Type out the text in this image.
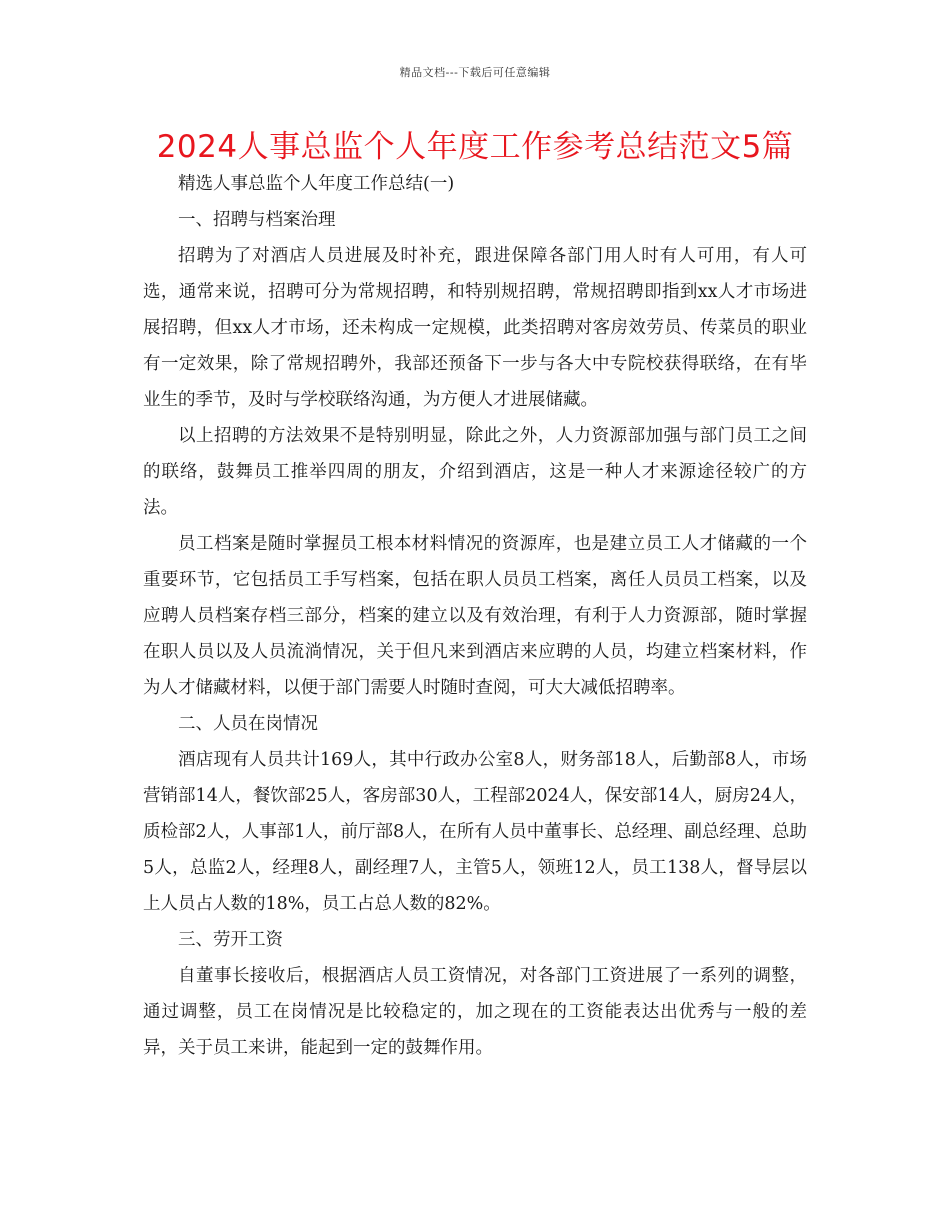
精品文档---下载后可任意编辑
2024人事总监个人年度工作参考总结范文5篇

精选人事总监个人年度工作总结(一)

一、招聘与档案治理

招聘为了对酒店人员进展及时补充，跟进保障各部门用人时有人可用，有人可选，通常来说，招聘可分为常规招聘，和特别规招聘，常规招聘即指到xx人才市场进展招聘，但xx人才市场，还未构成一定规模，此类招聘对客房效劳员、传菜员的职业有一定效果，除了常规招聘外，我部还预备下一步与各大中专院校获得联络，在有毕业生的季节，及时与学校联络沟通，为方便人才进展储藏。

以上招聘的方法效果不是特别明显，除此之外，人力资源部加强与部门员工之间的联络，鼓舞员工推举四周的朋友，介绍到酒店，这是一种人才来源途径较广的方法。

员工档案是随时掌握员工根本材料情况的资源库，也是建立员工人才储藏的一个重要环节，它包括员工手写档案，包括在职人员员工档案，离任人员员工档案，以及应聘人员档案存档三部分，档案的建立以及有效治理，有利于人力资源部，随时掌握在职人员以及人员流淌情况，关于但凡来到酒店来应聘的人员，均建立档案材料，作为人才储藏材料，以便于部门需要人时随时查阅，可大大减低招聘率。

二、人员在岗情况

酒店现有人员共计169人，其中行政办公室8人，财务部18人，后勤部8人，市场营销部14人，餐饮部25人，客房部30人，工程部2024人，保安部14人，厨房24人，质检部2人，人事部1人，前厅部8人，在所有人员中董事长、总经理、副总经理、总助5人，总监2人，经理8人，副经理7人，主管5人，领班12人，员工138人，督导层以上人员占人数的18%，员工占总人数的82%。

三、劳开工资

自董事长接收后，根据酒店人员工资情况，对各部门工资进展了一系列的调整，通过调整，员工在岗情况是比较稳定的，加之现在的工资能表达出优秀与一般的差异，关于员工来讲，能起到一定的鼓舞作用。
